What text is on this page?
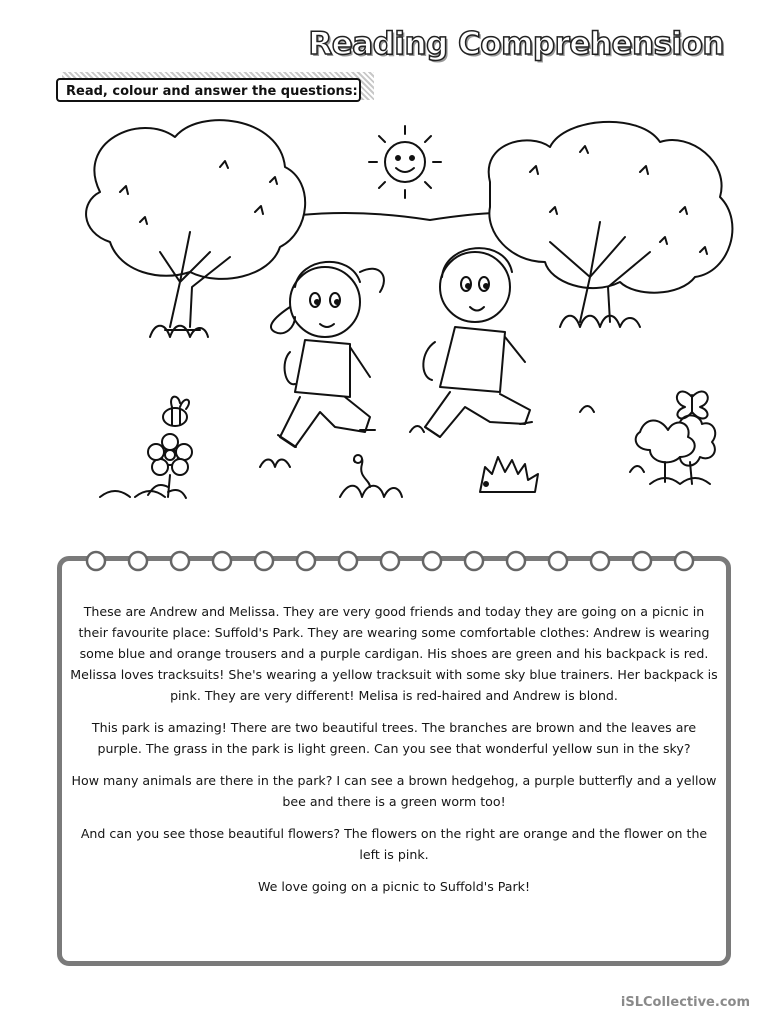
Reading Comprehension
Read, colour and answer the questions:

These are Andrew and Melissa. They are very good friends and today they are going on a picnic in their favourite place: Suffold's Park. They are wearing some comfortable clothes: Andrew is wearing some blue and orange trousers and a purple cardigan. His shoes are green and his backpack is red. Melissa loves tracksuits! She's wearing a yellow tracksuit with some sky blue trainers. Her backpack is pink. They are very different! Melisa is red-haired and Andrew is blond.

This park is amazing! There are two beautiful trees. The branches are brown and the leaves are purple. The grass in the park is light green. Can you see that wonderful yellow sun in the sky?

How many animals are there in the park? I can see a brown hedgehog, a purple butterfly and a yellow bee and there is a green worm too!

And can you see those beautiful flowers? The flowers on the right are orange and the flower on the left is pink.

We love going on a picnic to Suffold's Park!

iSLCollective.com
